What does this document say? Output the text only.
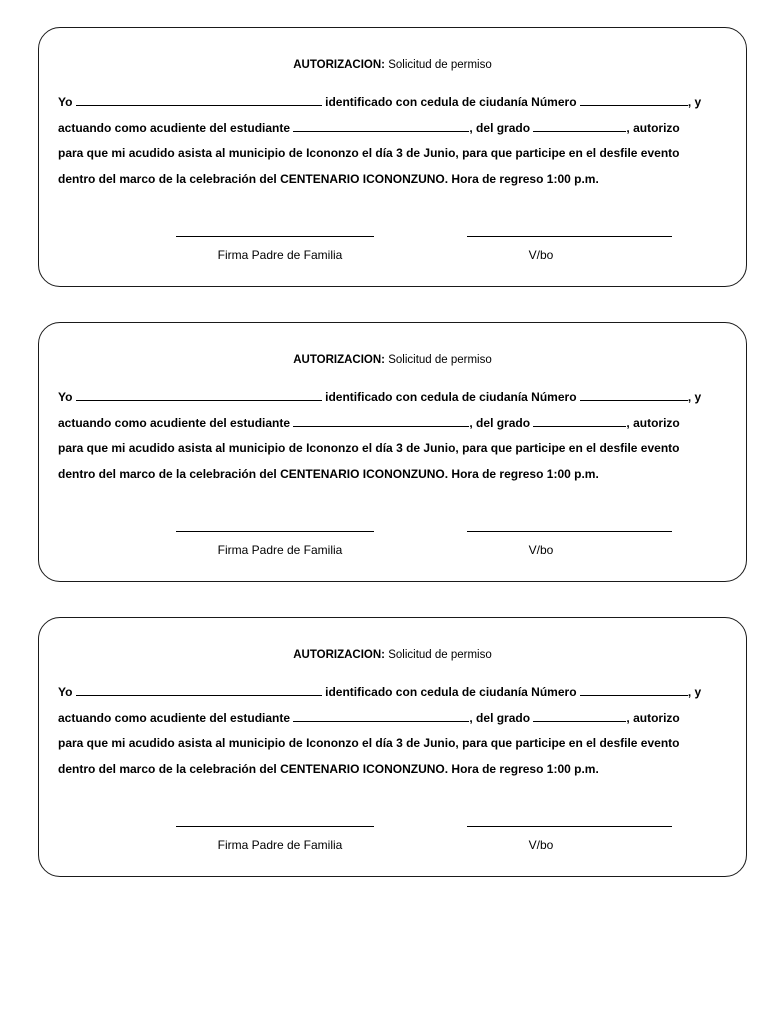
AUTORIZACION: Solicitud de permiso
Yo	identificado con cedula de ciudanía Número	, y
actuando como acudiente del estudiante	, del grado	, autorizo
para que mi acudido asista al municipio de Icononzo el día 3 de Junio, para que participe en el desfile evento
dentro del marco de la celebración del CENTENARIO ICONONZUNO. Hora de regreso 1:00 p.m.
Firma Padre de Familia	V/bo
AUTORIZACION: Solicitud de permiso
Yo	identificado con cedula de ciudanía Número	, y
actuando como acudiente del estudiante	, del grado	, autorizo
para que mi acudido asista al municipio de Icononzo el día 3 de Junio, para que participe en el desfile evento
dentro del marco de la celebración del CENTENARIO ICONONZUNO. Hora de regreso 1:00 p.m.
Firma Padre de Familia	V/bo
AUTORIZACION: Solicitud de permiso
Yo	identificado con cedula de ciudanía Número	, y
actuando como acudiente del estudiante	, del grado	, autorizo
para que mi acudido asista al municipio de Icononzo el día 3 de Junio, para que participe en el desfile evento
dentro del marco de la celebración del CENTENARIO ICONONZUNO. Hora de regreso 1:00 p.m.
Firma Padre de Familia	V/bo
